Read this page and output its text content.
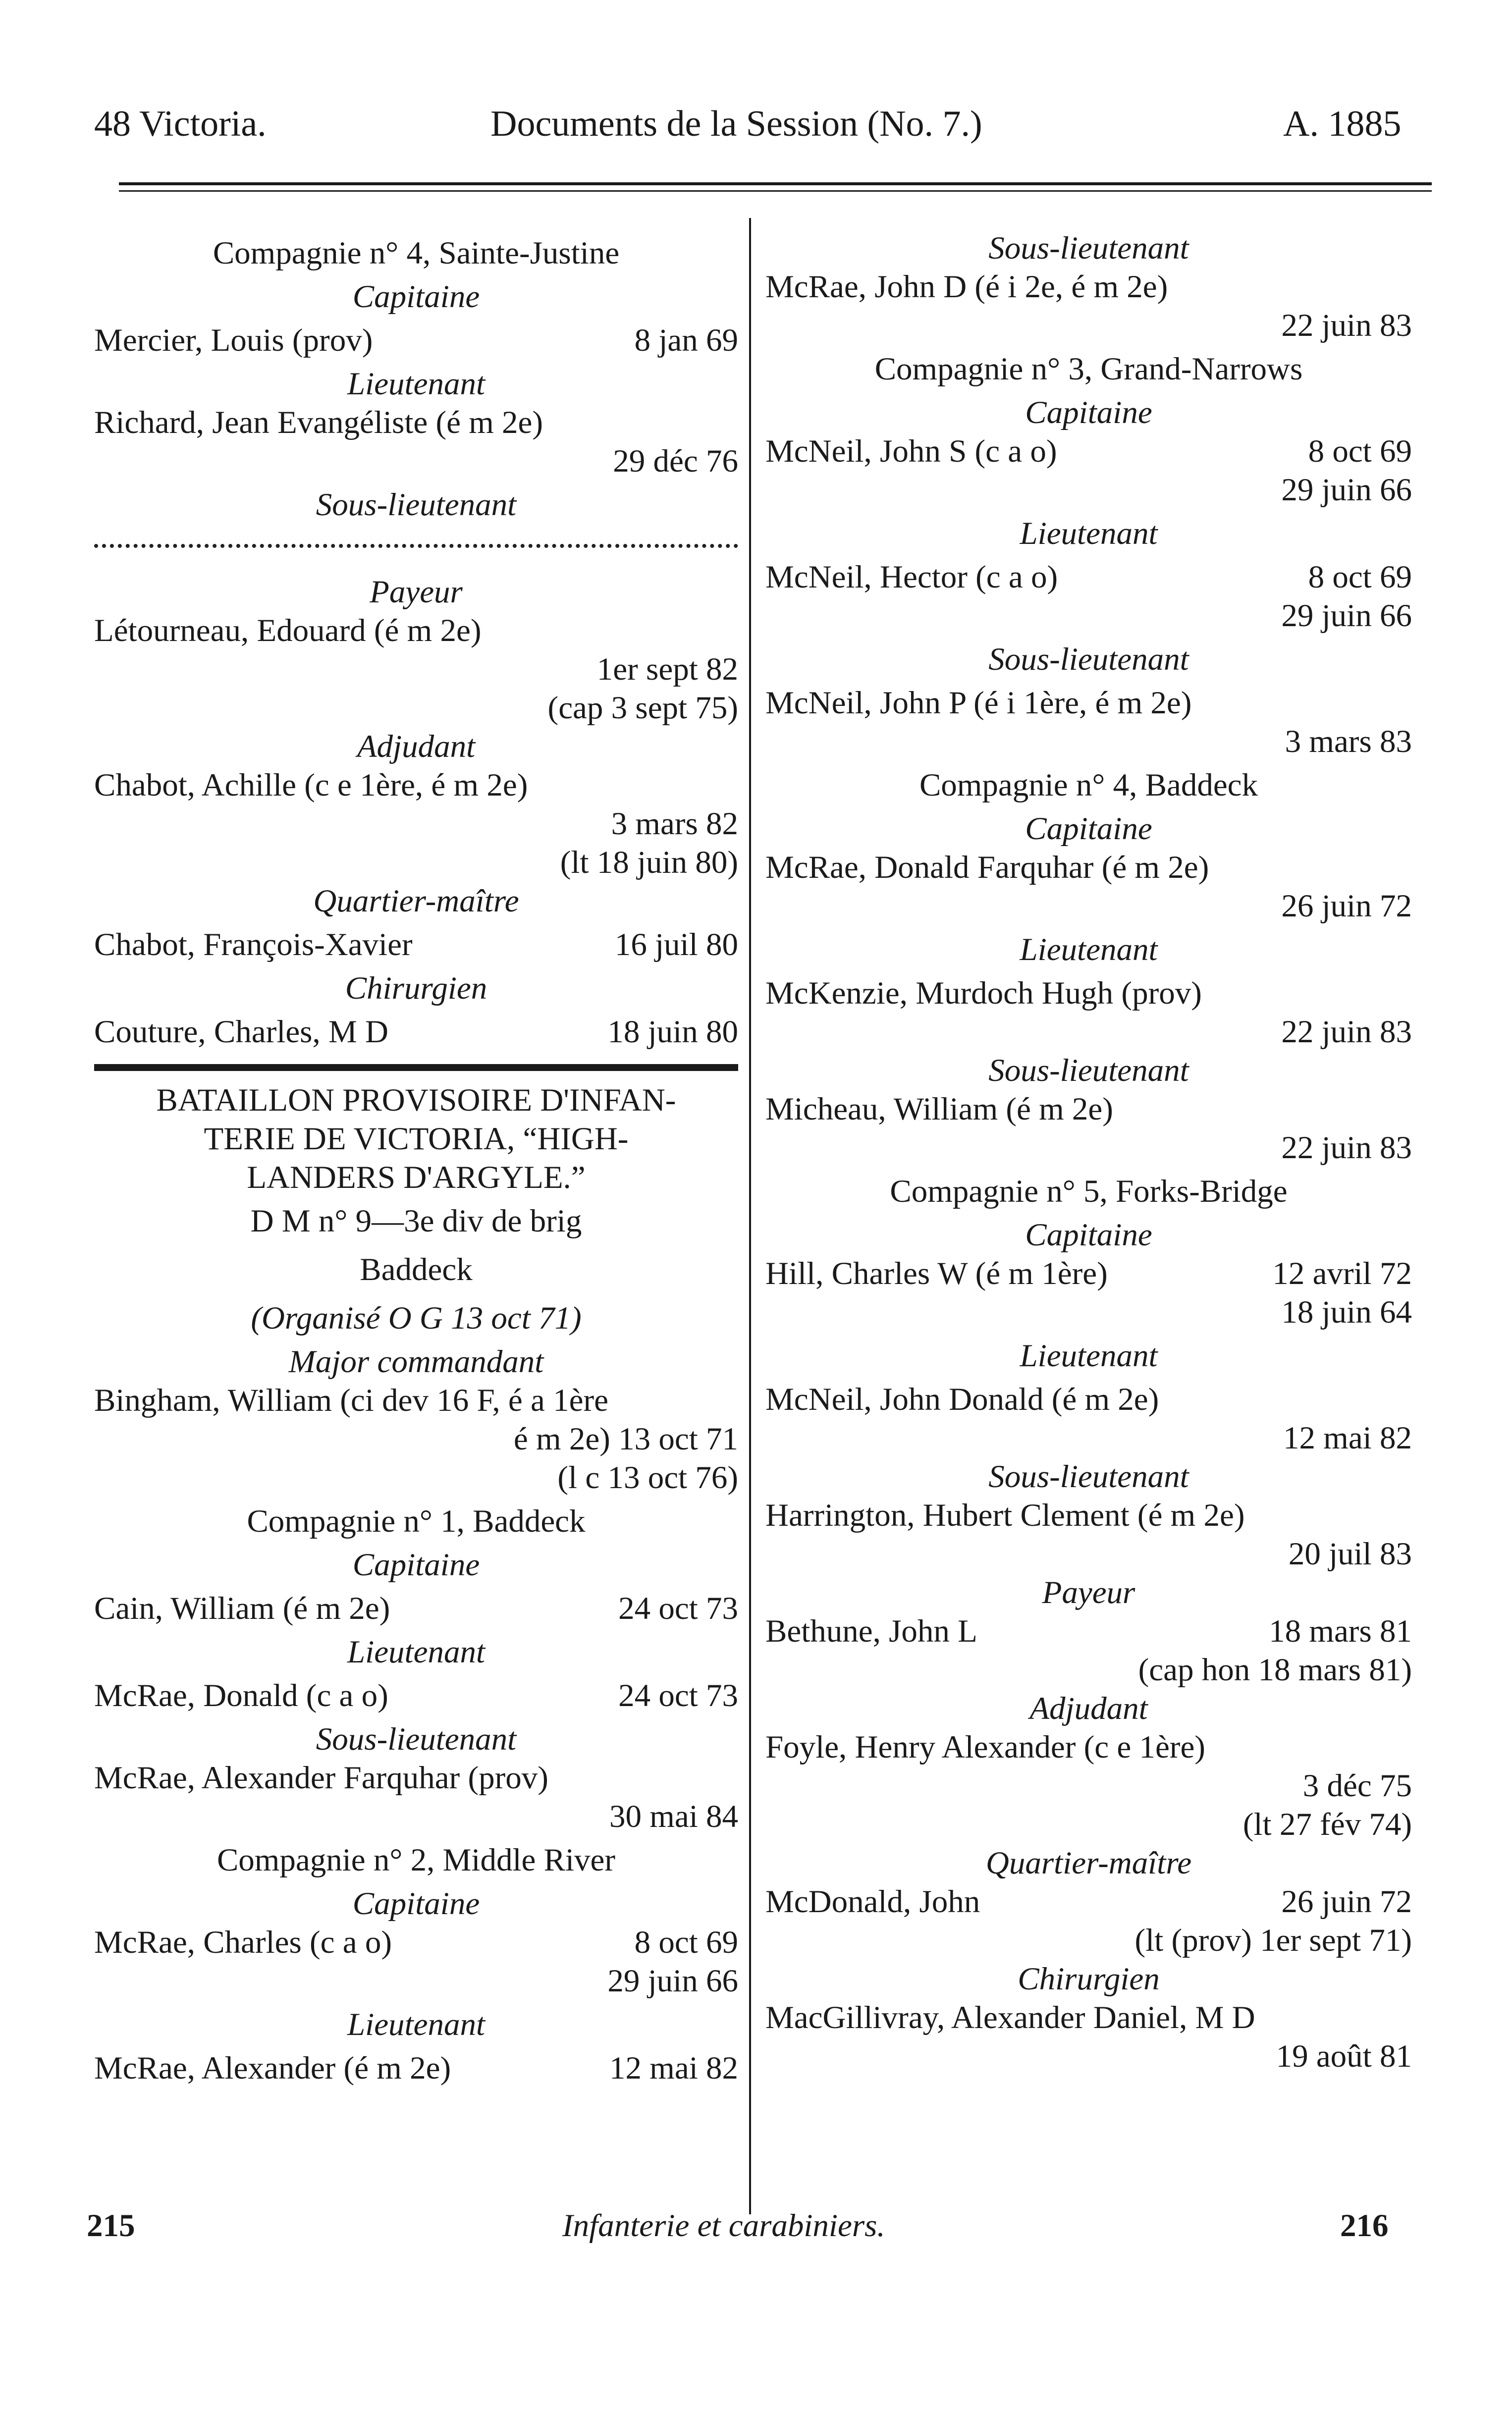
48 Victoria.	Documents de la Session (No. 7.)	A. 1885
Compagnie n° 4, Sainte-Justine
Capitaine
Mercier, Louis (prov)	8 jan 69
Lieutenant
Richard, Jean Evangéliste (é m 2e)
29 déc 76
Sous-lieutenant
Payeur
Létourneau, Edouard (é m 2e)
1er sept 82
(cap 3 sept 75)
Adjudant
Chabot, Achille (c e 1ère, é m 2e)
3 mars 82
(lt 18 juin 80)
Quartier-maître
Chabot, François-Xavier	16 juil 80
Chirurgien
Couture, Charles, M D	18 juin 80
BATAILLON PROVISOIRE D'INFAN-
TERIE DE VICTORIA, “HIGH-
LANDERS D'ARGYLE.”
D M n° 9—3e div de brig
Baddeck
(Organisé O G 13 oct 71)
Major commandant
Bingham, William (ci dev 16 F, é a 1ère
é m 2e) 13 oct 71
(l c 13 oct 76)
Compagnie n° 1, Baddeck
Capitaine
Cain, William (é m 2e)	24 oct 73
Lieutenant
McRae, Donald (c a o)	24 oct 73
Sous-lieutenant
McRae, Alexander Farquhar (prov)
30 mai 84
Compagnie n° 2, Middle River
Capitaine
McRae, Charles (c a o)	8 oct 69
29 juin 66
Lieutenant
McRae, Alexander (é m 2e)	12 mai 82
Sous-lieutenant
McRae, John D (é i 2e, é m 2e)
22 juin 83
Compagnie n° 3, Grand-Narrows
Capitaine
McNeil, John S (c a o)	8 oct 69
29 juin 66
Lieutenant
McNeil, Hector (c a o)	8 oct 69
29 juin 66
Sous-lieutenant
McNeil, John P (é i 1ère, é m 2e)
3 mars 83
Compagnie n° 4, Baddeck
Capitaine
McRae, Donald Farquhar (é m 2e)
26 juin 72
Lieutenant
McKenzie, Murdoch Hugh (prov)
22 juin 83
Sous-lieutenant
Micheau, William (é m 2e)
22 juin 83
Compagnie n° 5, Forks-Bridge
Capitaine
Hill, Charles W (é m 1ère)	12 avril 72
18 juin 64
Lieutenant
McNeil, John Donald (é m 2e)
12 mai 82
Sous-lieutenant
Harrington, Hubert Clement (é m 2e)
20 juil 83
Payeur
Bethune, John L	18 mars 81
(cap hon 18 mars 81)
Adjudant
Foyle, Henry Alexander (c e 1ère)
3 déc 75
(lt 27 fév 74)
Quartier-maître
McDonald, John	26 juin 72
(lt (prov) 1er sept 71)
Chirurgien
MacGillivray, Alexander Daniel, M D
19 août 81
215	Infanterie et carabiniers.	216
